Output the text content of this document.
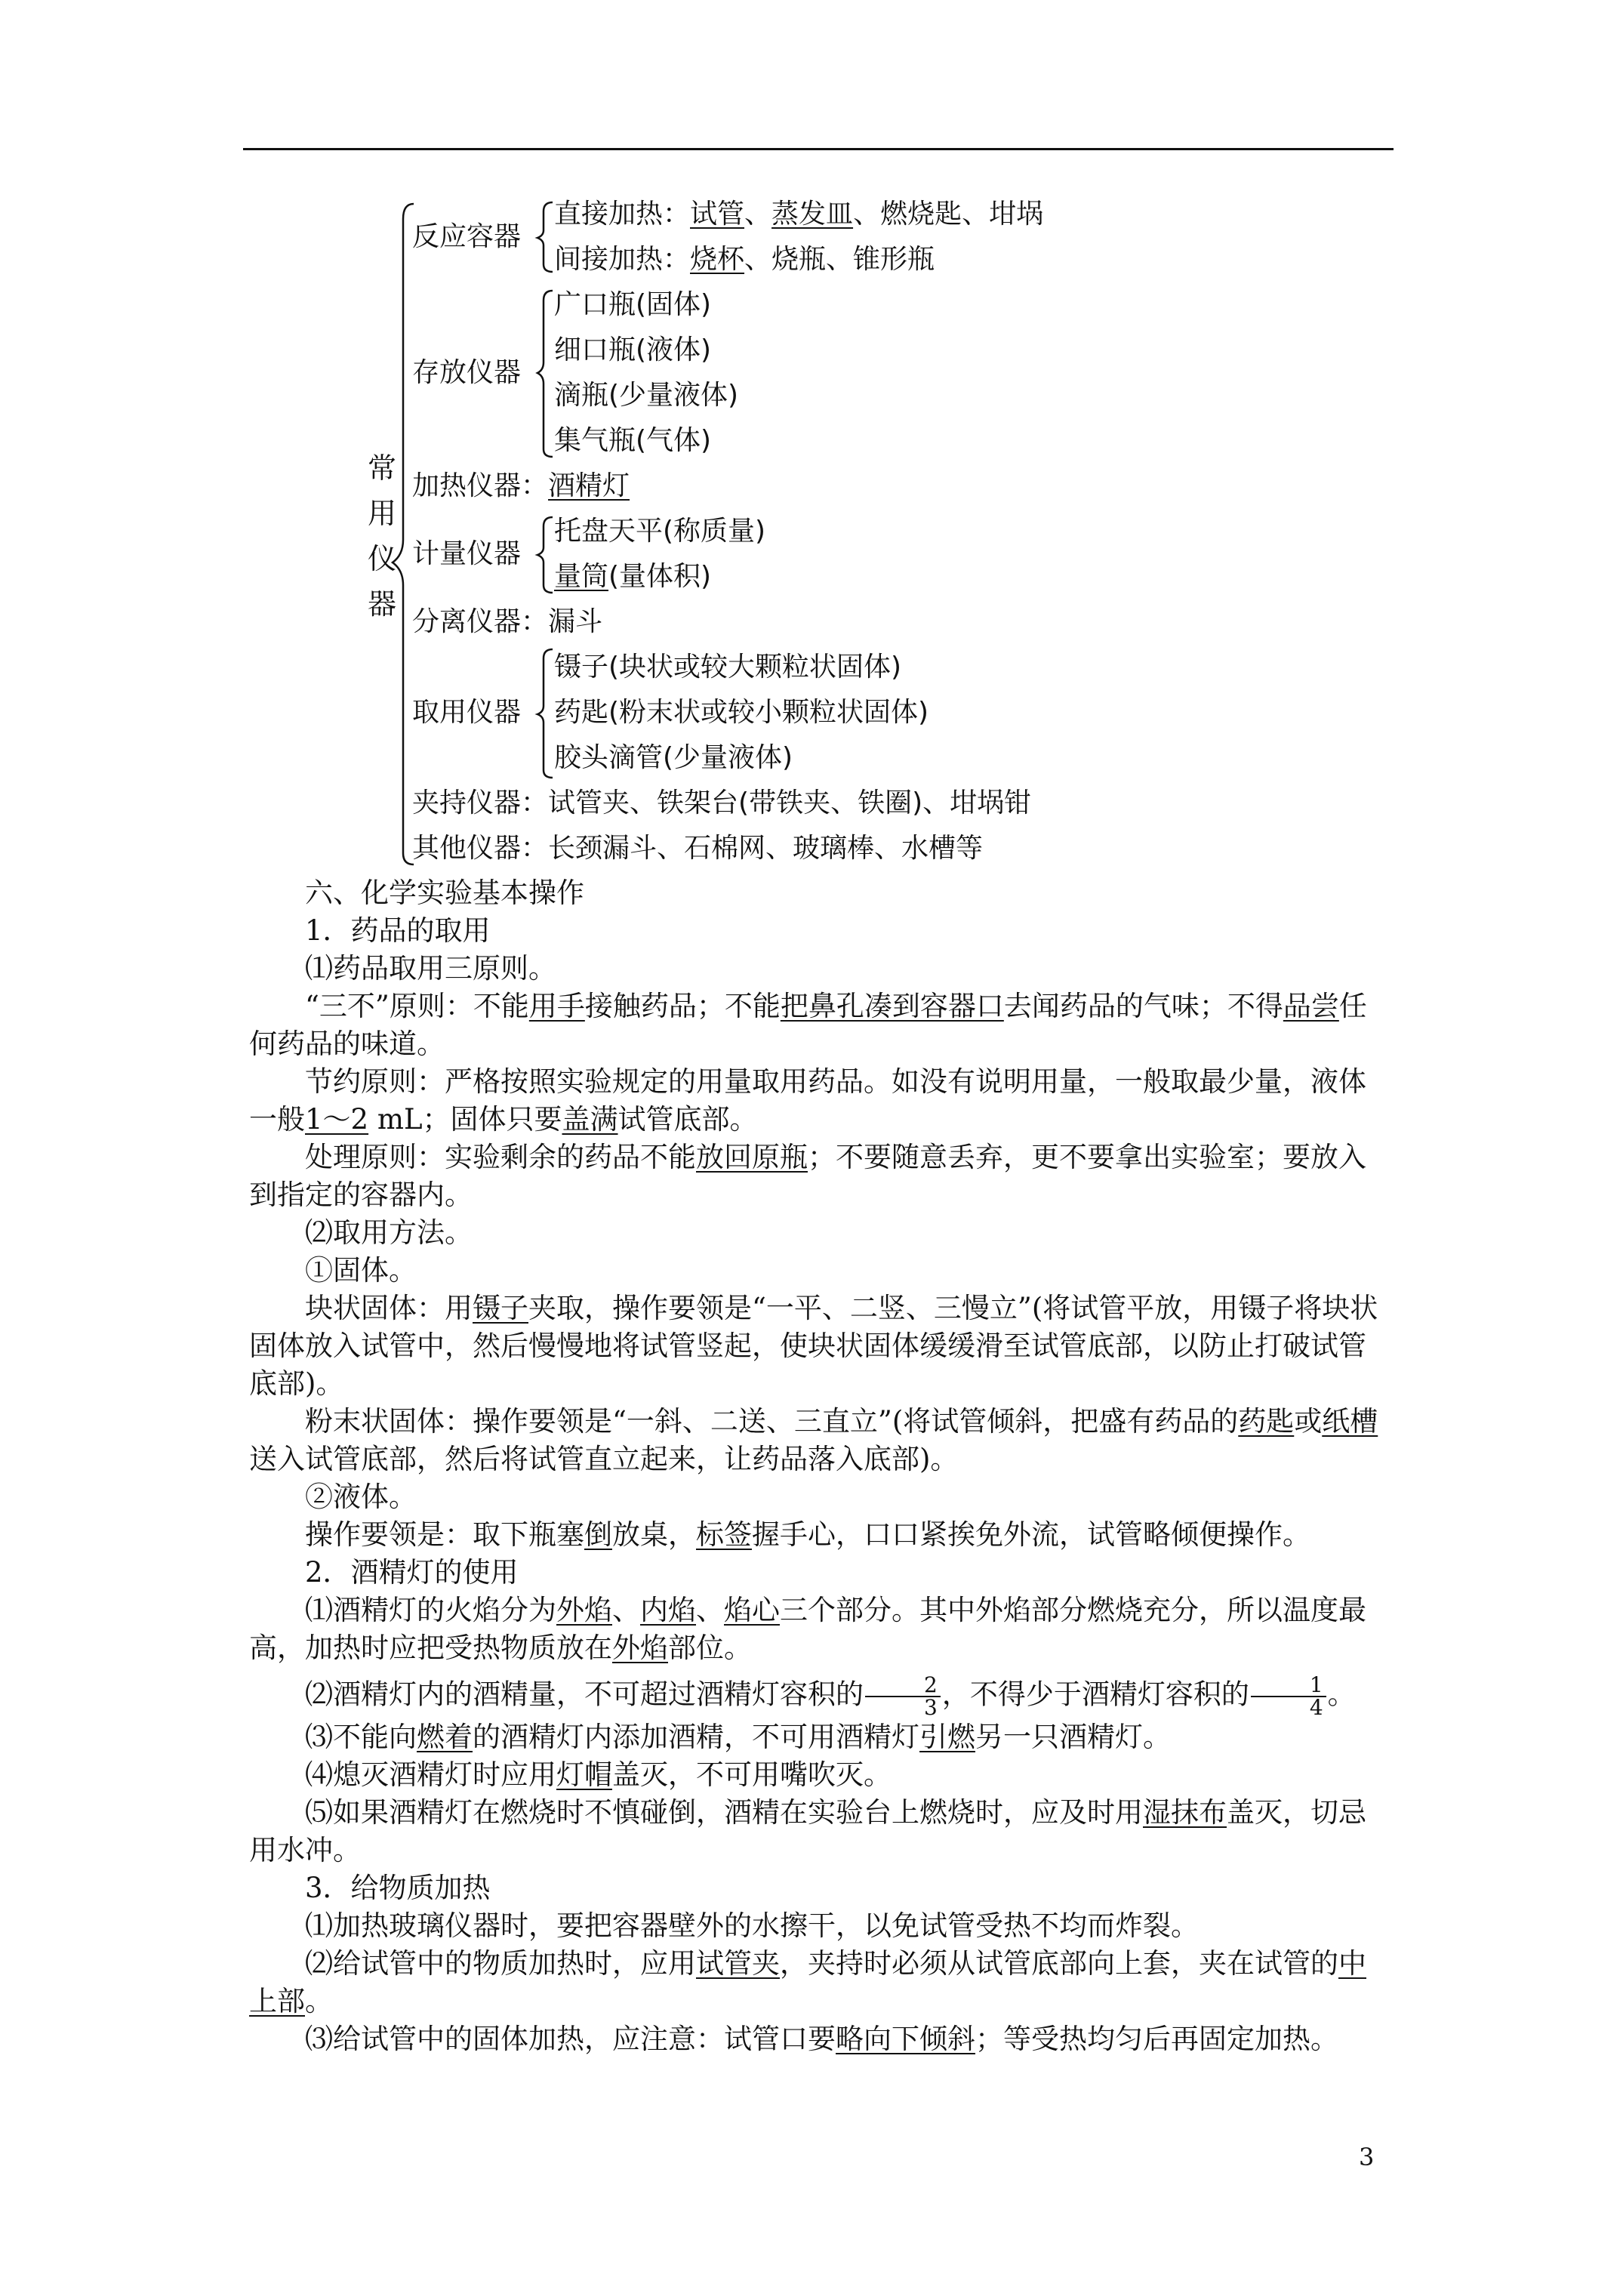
常
用
仪
器
反应容器
直接加热：试管、蒸发皿、燃烧匙、坩埚
间接加热：烧杯、烧瓶、锥形瓶
存放仪器
广口瓶(固体)
细口瓶(液体)
滴瓶(少量液体)
集气瓶(气体)
加热仪器：酒精灯
计量仪器
托盘天平(称质量)
量筒(量体积)
分离仪器：漏斗
取用仪器
镊子(块状或较大颗粒状固体)
药匙(粉末状或较小颗粒状固体)
胶头滴管(少量液体)
夹持仪器：试管夹、铁架台(带铁夹、铁圈)、坩埚钳
其他仪器：长颈漏斗、石棉网、玻璃棒、水槽等

六、化学实验基本操作

1．药品的取用

⑴药品取用三原则。

“三不”原则：不能用手接触药品；不能把鼻孔凑到容器口去闻药品的气味；不得品尝任何药品的味道。

节约原则：严格按照实验规定的用量取用药品。如没有说明用量，一般取最少量，液体一般1～2 mL；固体只要盖满试管底部。

处理原则：实验剩余的药品不能放回原瓶；不要随意丢弃，更不要拿出实验室；要放入到指定的容器内。

⑵取用方法。

①固体。

块状固体：用镊子夹取，操作要领是“一平、二竖、三慢立”(将试管平放，用镊子将块状固体放入试管中，然后慢慢地将试管竖起，使块状固体缓缓滑至试管底部，以防止打破试管底部)。

粉末状固体：操作要领是“一斜、二送、三直立”(将试管倾斜，把盛有药品的药匙或纸槽送入试管底部，然后将试管直立起来，让药品落入底部)。

②液体。

操作要领是：取下瓶塞倒放桌，标签握手心，口口紧挨免外流，试管略倾便操作。

2．酒精灯的使用

⑴酒精灯的火焰分为外焰、内焰、焰心三个部分。其中外焰部分燃烧充分，所以温度最高，加热时应把受热物质放在外焰部位。

⑵酒精灯内的酒精量，不可超过酒精灯容积的 $\frac{2}{3}$ ，不得少于酒精灯容积的 $\frac{1}{4}$ 。

⑶不能向燃着的酒精灯内添加酒精，不可用酒精灯引燃另一只酒精灯。

⑷熄灭酒精灯时应用灯帽盖灭，不可用嘴吹灭。

⑸如果酒精灯在燃烧时不慎碰倒，酒精在实验台上燃烧时，应及时用湿抹布盖灭，切忌用水冲。

3．给物质加热

⑴加热玻璃仪器时，要把容器壁外的水擦干，以免试管受热不均而炸裂。

⑵给试管中的物质加热时，应用试管夹，夹持时必须从试管底部向上套，夹在试管的中上部。

⑶给试管中的固体加热，应注意：试管口要略向下倾斜；等受热均匀后再固定加热。

3
